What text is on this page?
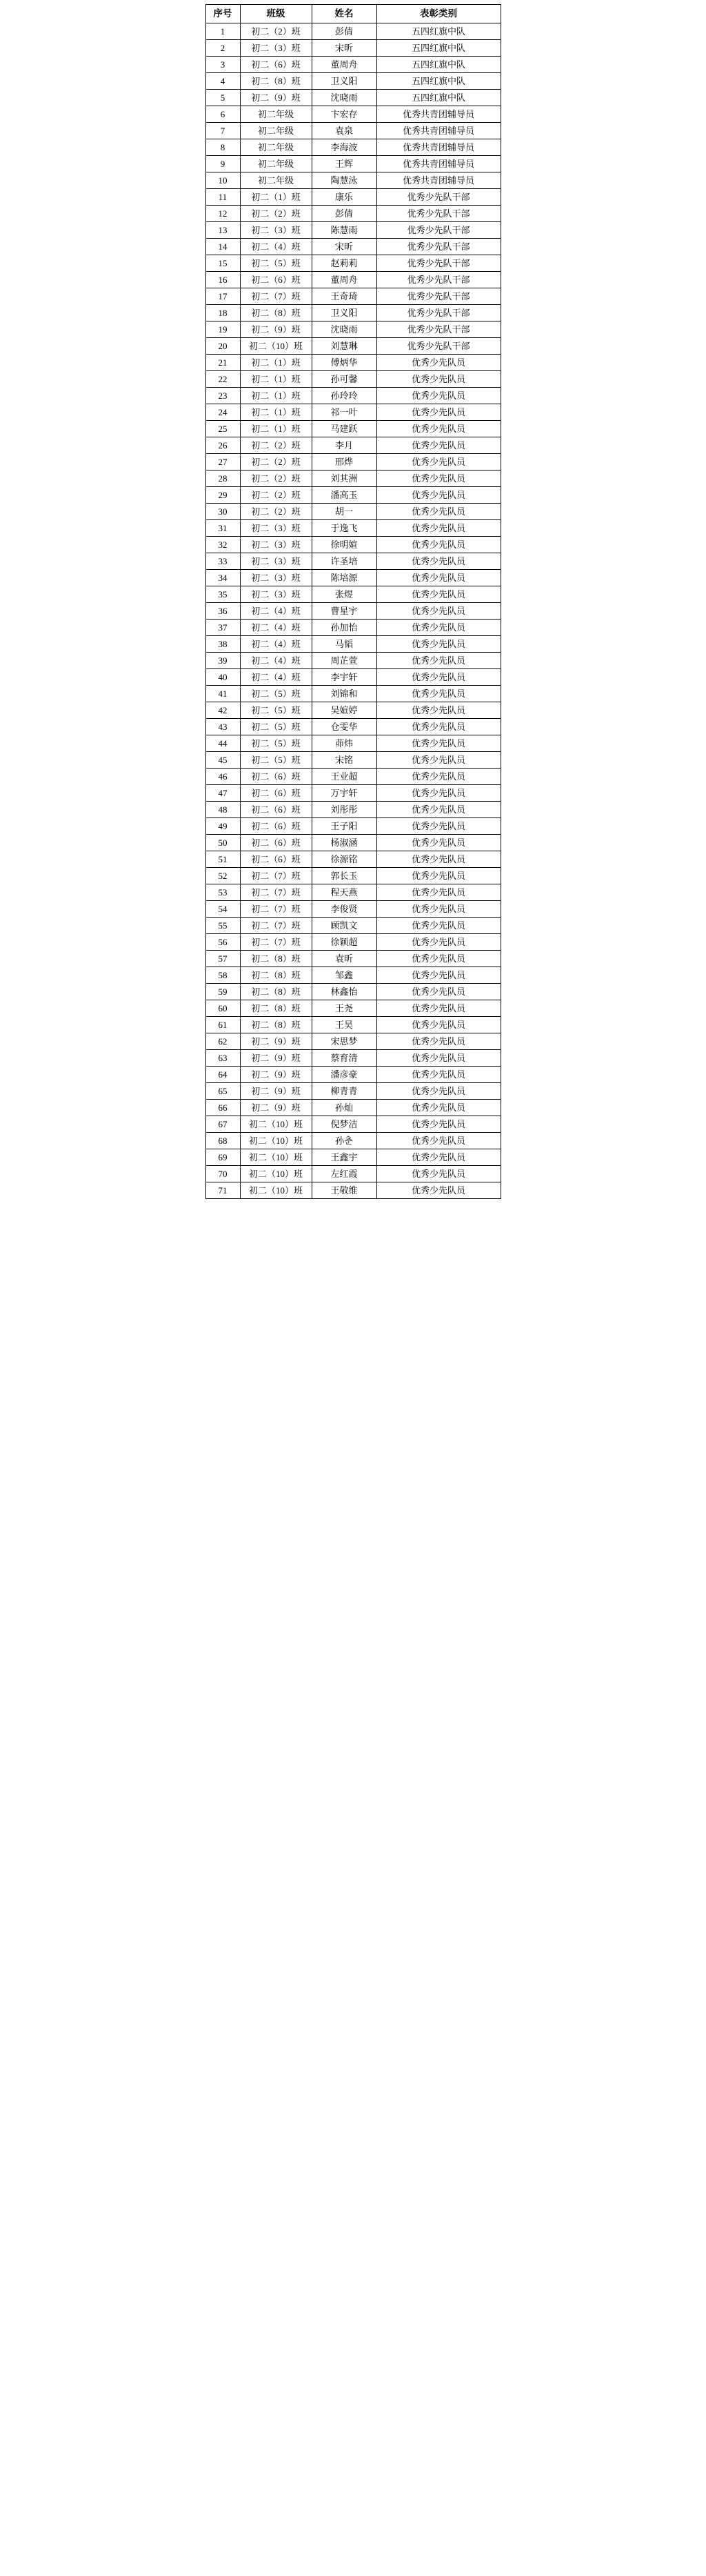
序号	班级	姓名	表彰类别
1	初二（2）班	彭倩	五四红旗中队
2	初二（3）班	宋昕	五四红旗中队
3	初二（6）班	董周舟	五四红旗中队
4	初二（8）班	卫义阳	五四红旗中队
5	初二（9）班	沈晓雨	五四红旗中队
6	初二年级	卞宏存	优秀共青团辅导员
7	初二年级	袁泉	优秀共青团辅导员
8	初二年级	李海波	优秀共青团辅导员
9	初二年级	王辉	优秀共青团辅导员
10	初二年级	陶慧泳	优秀共青团辅导员
11	初二（1）班	康乐	优秀少先队干部
12	初二（2）班	彭倩	优秀少先队干部
13	初二（3）班	陈慧雨	优秀少先队干部
14	初二（4）班	宋昕	优秀少先队干部
15	初二（5）班	赵莉莉	优秀少先队干部
16	初二（6）班	董周舟	优秀少先队干部
17	初二（7）班	王奇琦	优秀少先队干部
18	初二（8）班	卫义阳	优秀少先队干部
19	初二（9）班	沈晓雨	优秀少先队干部
20	初二（10）班	刘慧琳	优秀少先队干部
21	初二（1）班	傅炳华	优秀少先队员
22	初二（1）班	孙可馨	优秀少先队员
23	初二（1）班	孙玲玲	优秀少先队员
24	初二（1）班	祁一叶	优秀少先队员
25	初二（1）班	马建跃	优秀少先队员
26	初二（2）班	李月	优秀少先队员
27	初二（2）班	邢烨	优秀少先队员
28	初二（2）班	刘其洲	优秀少先队员
29	初二（2）班	潘高玉	优秀少先队员
30	初二（2）班	胡一	优秀少先队员
31	初二（3）班	于逸飞	优秀少先队员
32	初二（3）班	徐明媗	优秀少先队员
33	初二（3）班	许圣培	优秀少先队员
34	初二（3）班	陈培源	优秀少先队员
35	初二（3）班	张煜	优秀少先队员
36	初二（4）班	曹星宇	优秀少先队员
37	初二（4）班	孙加怡	优秀少先队员
38	初二（4）班	马韬	优秀少先队员
39	初二（4）班	周芷萱	优秀少先队员
40	初二（4）班	李宇轩	优秀少先队员
41	初二（5）班	刘锦和	优秀少先队员
42	初二（5）班	吴媗婷	优秀少先队员
43	初二（5）班	仓雯华	优秀少先队员
44	初二（5）班	茆炜	优秀少先队员
45	初二（5）班	宋铭	优秀少先队员
46	初二（6）班	王业超	优秀少先队员
47	初二（6）班	万宇轩	优秀少先队员
48	初二（6）班	刘彤彤	优秀少先队员
49	初二（6）班	王子阳	优秀少先队员
50	初二（6）班	杨淑涵	优秀少先队员
51	初二（6）班	徐源铭	优秀少先队员
52	初二（7）班	郭长玉	优秀少先队员
53	初二（7）班	程天燕	优秀少先队员
54	初二（7）班	李俊贤	优秀少先队员
55	初二（7）班	顾凯文	优秀少先队员
56	初二（7）班	徐颖超	优秀少先队员
57	初二（8）班	袁昕	优秀少先队员
58	初二（8）班	邹鑫	优秀少先队员
59	初二（8）班	林鑫怡	优秀少先队员
60	初二（8）班	王尧	优秀少先队员
61	初二（8）班	王昊	优秀少先队员
62	初二（9）班	宋思梦	优秀少先队员
63	初二（9）班	蔡育清	优秀少先队员
64	初二（9）班	潘彦豪	优秀少先队员
65	初二（9）班	柳青青	优秀少先队员
66	初二（9）班	孙灿	优秀少先队员
67	初二（10）班	倪梦洁	优秀少先队员
68	初二（10）班	孙춘	优秀少先队员
69	初二（10）班	王鑫宇	优秀少先队员
70	初二（10）班	左红霞	优秀少先队员
71	初二（10）班	王敬维	优秀少先队员
